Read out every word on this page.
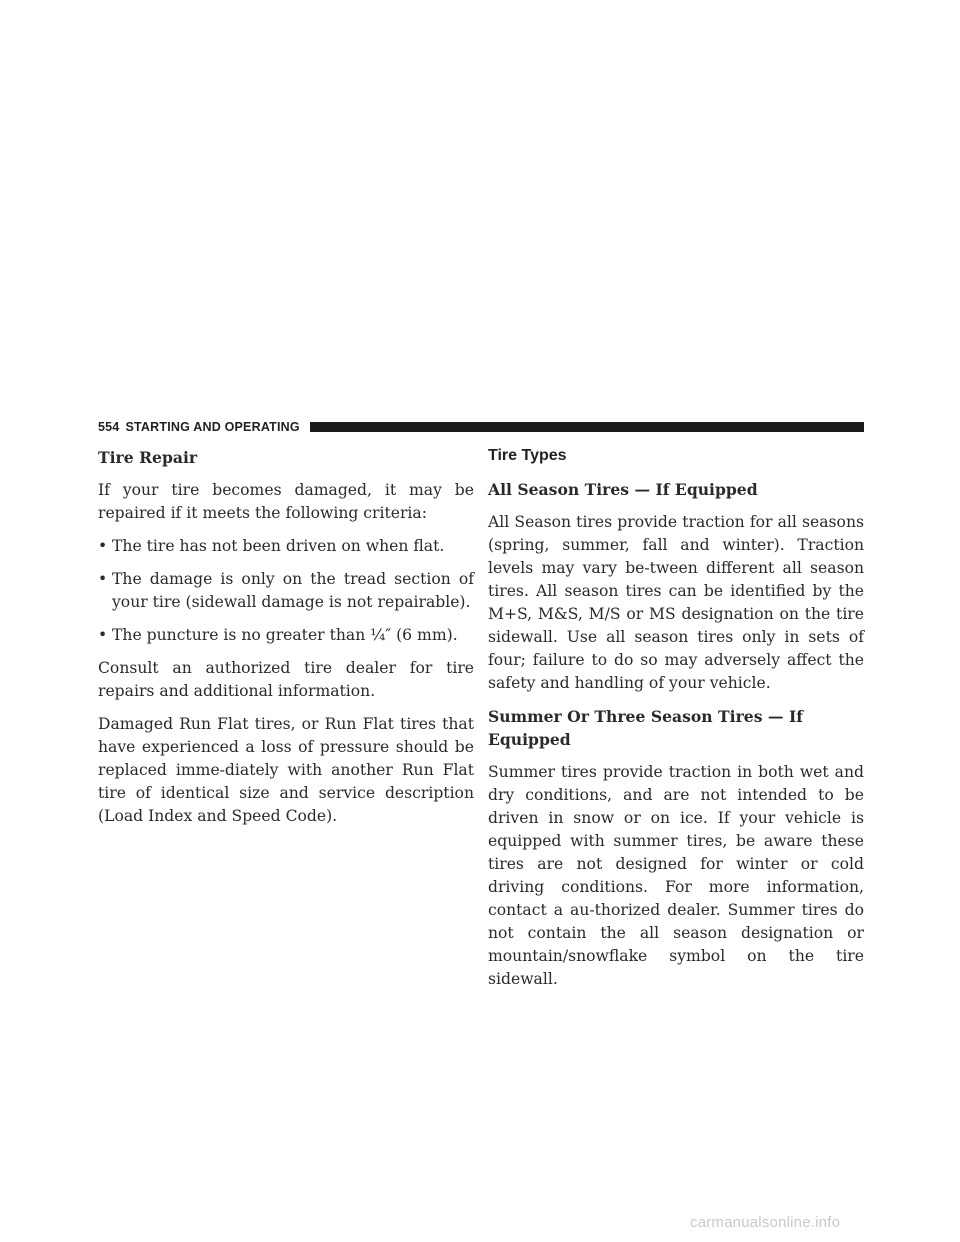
554 STARTING AND OPERATING
Tire Repair

If your tire becomes damaged, it may be repaired if it meets the following criteria:

• The tire has not been driven on when flat.
• The damage is only on the tread section of your tire (sidewall damage is not repairable).
• The puncture is no greater than ¼″ (6 mm).

Consult an authorized tire dealer for tire repairs and additional information.

Damaged Run Flat tires, or Run Flat tires that have experienced a loss of pressure should be replaced imme-diately with another Run Flat tire of identical size and service description (Load Index and Speed Code).

Tire Types
All Season Tires — If Equipped

All Season tires provide traction for all seasons (spring, summer, fall and winter). Traction levels may vary be-tween different all season tires. All season tires can be identified by the M+S, M&S, M/S or MS designation on the tire sidewall. Use all season tires only in sets of four; failure to do so may adversely affect the safety and handling of your vehicle.

Summer Or Three Season Tires — If Equipped

Summer tires provide traction in both wet and dry conditions, and are not intended to be driven in snow or on ice. If your vehicle is equipped with summer tires, be aware these tires are not designed for winter or cold driving conditions. For more information, contact a au-thorized dealer. Summer tires do not contain the all season designation or mountain/snowflake symbol on the tire sidewall.

carmanualsonline.info
